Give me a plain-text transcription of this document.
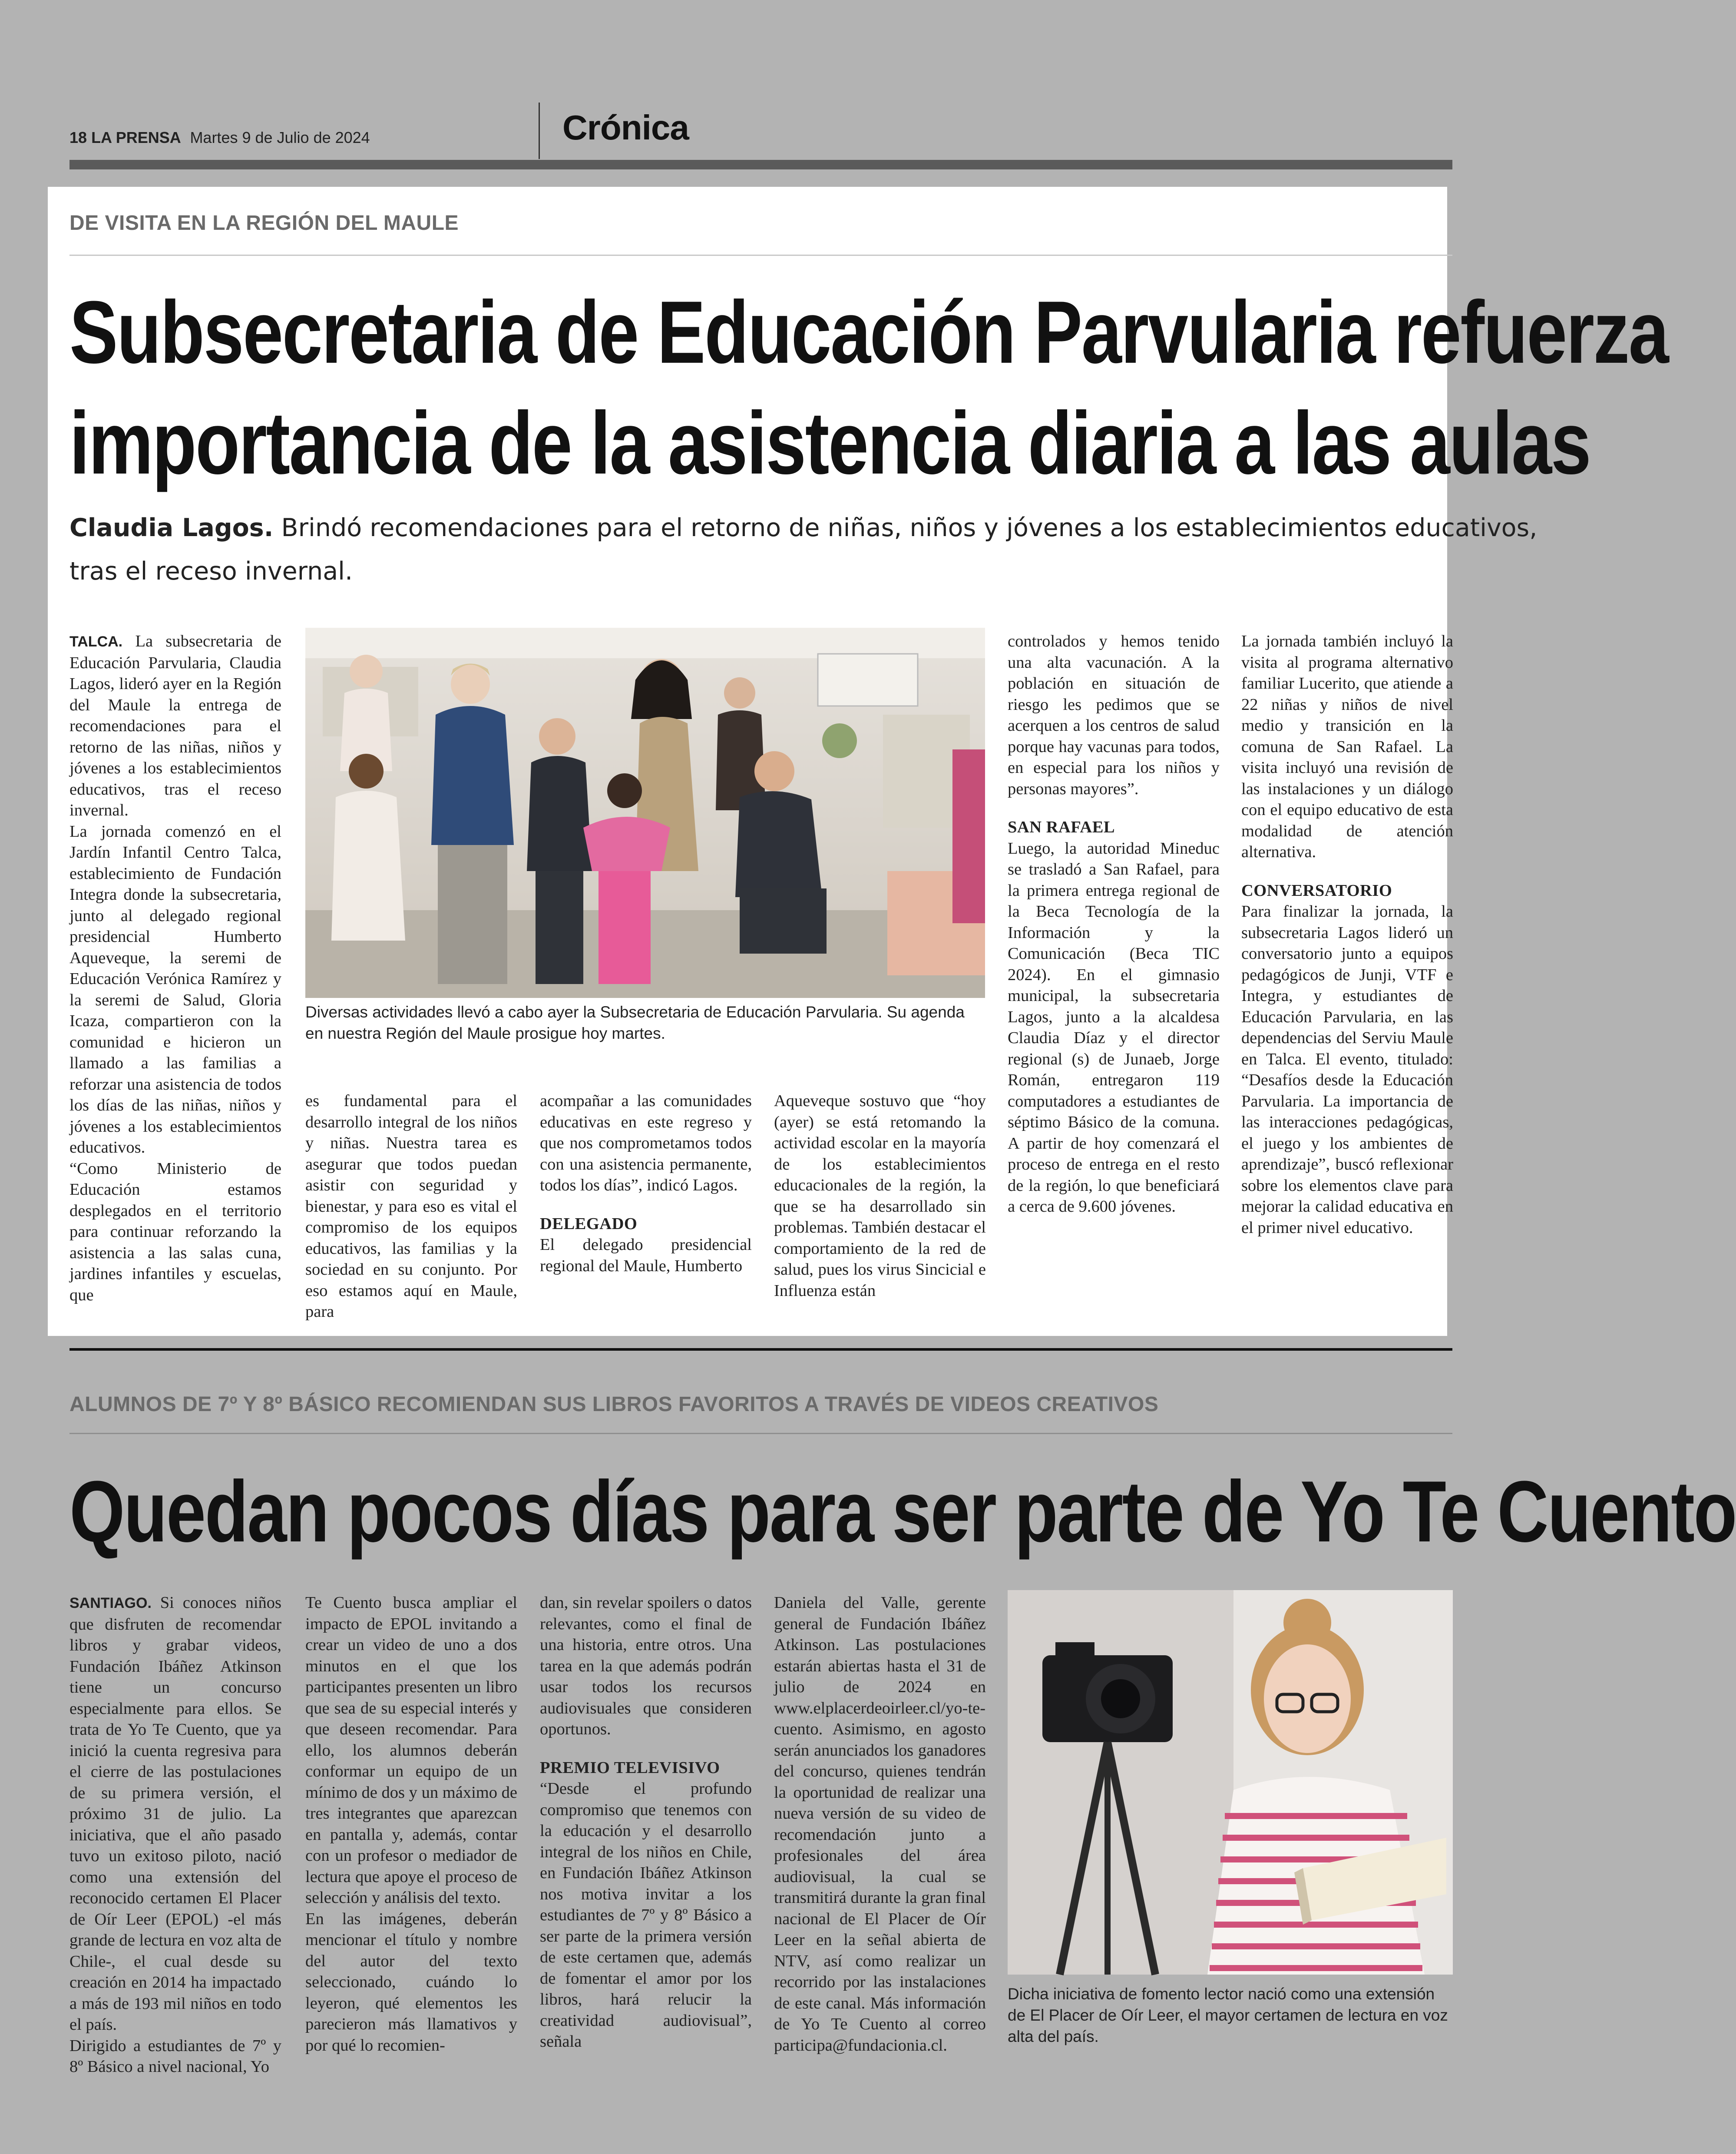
18 LA PRENSA Martes 9 de Julio de 2024	Crónica
DE VISITA EN LA REGIÓN DEL MAULE
Subsecretaria de Educación Parvularia refuerza
importancia de la asistencia diaria a las aulas
Claudia Lagos. Brindó recomendaciones para el retorno de niñas, niños y jóvenes a los establecimientos educativos,
tras el receso invernal.

TALCA. La subsecretaria de Educación Parvularia, Claudia Lagos, lideró ayer en la Región del Maule la entrega de recomendaciones para el retorno de las niñas, niños y jóvenes a los establecimientos educativos, tras el receso invernal.

La jornada comenzó en el Jardín Infantil Centro Talca, establecimiento de Fundación Integra donde la subsecretaria, junto al delegado regional presidencial Humberto Aqueveque, la seremi de Educación Verónica Ramírez y la seremi de Salud, Gloria Icaza, compartieron con la comunidad e hicieron un llamado a las familias a reforzar una asistencia de todos los días de las niñas, niños y jóvenes a los establecimientos educativos.

“Como Ministerio de Educación estamos desplegados en el territorio para continuar reforzando la asistencia a las salas cuna, jardines infantiles y escuelas, que

Diversas actividades llevó a cabo ayer la Subsecretaria de Educación Parvularia. Su agenda en nuestra Región del Maule prosigue hoy martes.

es fundamental para el desarrollo integral de los niños y niñas. Nuestra tarea es asegurar que todos puedan asistir con seguridad y bienestar, y para eso es vital el compromiso de los equipos educativos, las familias y la sociedad en su conjunto. Por eso estamos aquí en Maule, para

acompañar a las comunidades educativas en este regreso y que nos comprometamos todos con una asistencia permanente, todos los días”, indicó Lagos.

DELEGADO

El delegado presidencial regional del Maule, Humberto

Aqueveque sostuvo que “hoy (ayer) se está retomando la actividad escolar en la mayoría de los establecimientos educacionales de la región, la que se ha desarrollado sin problemas. También destacar el comportamiento de la red de salud, pues los virus Sincicial e Influenza están

controlados y hemos tenido una alta vacunación. A la población en situación de riesgo les pedimos que se acerquen a los centros de salud porque hay vacunas para todos, en especial para los niños y personas mayores”.

SAN RAFAEL

Luego, la autoridad Mineduc se trasladó a San Rafael, para la primera entrega regional de la Beca Tecnología de la Información y la Comunicación (Beca TIC 2024). En el gimnasio municipal, la subsecretaria Lagos, junto a la alcaldesa Claudia Díaz y el director regional (s) de Junaeb, Jorge Román, entregaron 119 computadores a estudiantes de séptimo Básico de la comuna. A partir de hoy comenzará el proceso de entrega en el resto de la región, lo que beneficiará a cerca de 9.600 jóvenes.

La jornada también incluyó la visita al programa alternativo familiar Lucerito, que atiende a 22 niñas y niños de nivel medio y transición en la comuna de San Rafael. La visita incluyó una revisión de las instalaciones y un diálogo con el equipo educativo de esta modalidad de atención alternativa.

CONVERSATORIO

Para finalizar la jornada, la subsecretaria Lagos lideró un conversatorio junto a equipos pedagógicos de Junji, VTF e Integra, y estudiantes de Educación Parvularia, en las dependencias del Serviu Maule en Talca. El evento, titulado: “Desafíos desde la Educación Parvularia. La importancia de las interacciones pedagógicas, el juego y los ambientes de aprendizaje”, buscó reflexionar sobre los elementos clave para mejorar la calidad educativa en el primer nivel educativo.

ALUMNOS DE 7º Y 8º BÁSICO RECOMIENDAN SUS LIBROS FAVORITOS A TRAVÉS DE VIDEOS CREATIVOS
Quedan pocos días para ser parte de Yo Te Cuento

SANTIAGO. Si conoces niños que disfruten de recomendar libros y grabar videos, Fundación Ibáñez Atkinson tiene un concurso especialmente para ellos. Se trata de Yo Te Cuento, que ya inició la cuenta regresiva para el cierre de las postulaciones de su primera versión, el próximo 31 de julio. La iniciativa, que el año pasado tuvo un exitoso piloto, nació como una extensión del reconocido certamen El Placer de Oír Leer (EPOL) -el más grande de lectura en voz alta de Chile-, el cual desde su creación en 2014 ha impactado a más de 193 mil niños en todo el país.

Dirigido a estudiantes de 7º y 8º Básico a nivel nacional, Yo

Te Cuento busca ampliar el impacto de EPOL invitando a crear un video de uno a dos minutos en el que los participantes presenten un libro que sea de su especial interés y que deseen recomendar. Para ello, los alumnos deberán conformar un equipo de un mínimo de dos y un máximo de tres integrantes que aparezcan en pantalla y, además, contar con un profesor o mediador de lectura que apoye el proceso de selección y análisis del texto.

En las imágenes, deberán mencionar el título y nombre del autor del texto seleccionado, cuándo lo leyeron, qué elementos les parecieron más llamativos y por qué lo recomien-

dan, sin revelar spoilers o datos relevantes, como el final de una historia, entre otros. Una tarea en la que además podrán usar todos los recursos audiovisuales que consideren oportunos.

PREMIO TELEVISIVO

“Desde el profundo compromiso que tenemos con la educación y el desarrollo integral de los niños en Chile, en Fundación Ibáñez Atkinson nos motiva invitar a los estudiantes de 7º y 8º Básico a ser parte de la primera versión de este certamen que, además de fomentar el amor por los libros, hará relucir la creatividad audiovisual”, señala

Daniela del Valle, gerente general de Fundación Ibáñez Atkinson. Las postulaciones estarán abiertas hasta el 31 de julio de 2024 en www.elplacerdeoirleer.cl/yo-te-cuento. Asimismo, en agosto serán anunciados los ganadores del concurso, quienes tendrán la oportunidad de realizar una nueva versión de su video de recomendación junto a profesionales del área audiovisual, la cual se transmitirá durante la gran final nacional de El Placer de Oír Leer en la señal abierta de NTV, así como realizar un recorrido por las instalaciones de este canal. Más información de Yo Te Cuento al correo participa@fundacionia.cl.

Dicha iniciativa de fomento lector nació como una extensión de El Placer de Oír Leer, el mayor certamen de lectura en voz alta del país.
